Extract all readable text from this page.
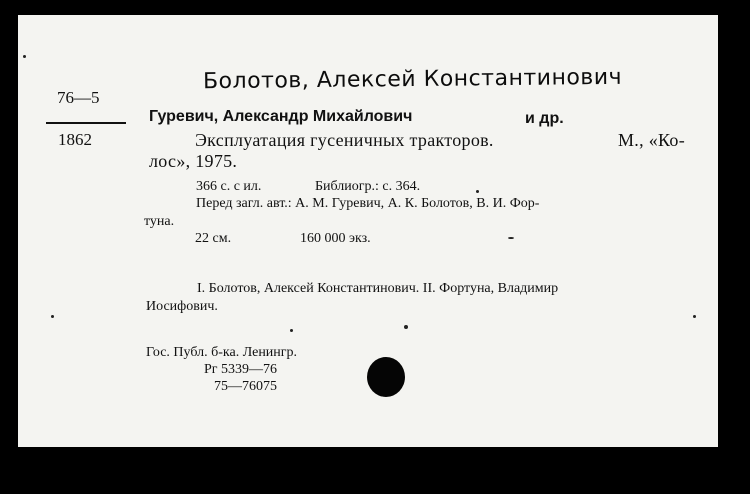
Болотов, Алексей Константинович
76—5
1862
Гуревич, Александр Михайлович	и др.
Эксплуатация гусеничных тракторов.	М., «Ко-
лос», 1975.
366 с. с ил.	Библиогр.: с. 364.
Перед загл. авт.: А. М. Гуревич, А. К. Болотов, В. И. Фор-
туна.
22 см.	160 000 экз.
I. Болотов, Алексей Константинович. II. Фортуна, Владимир
Иосифович.
Гос. Публ. б-ка. Ленингр.
Рг 5339—76
75—76075
